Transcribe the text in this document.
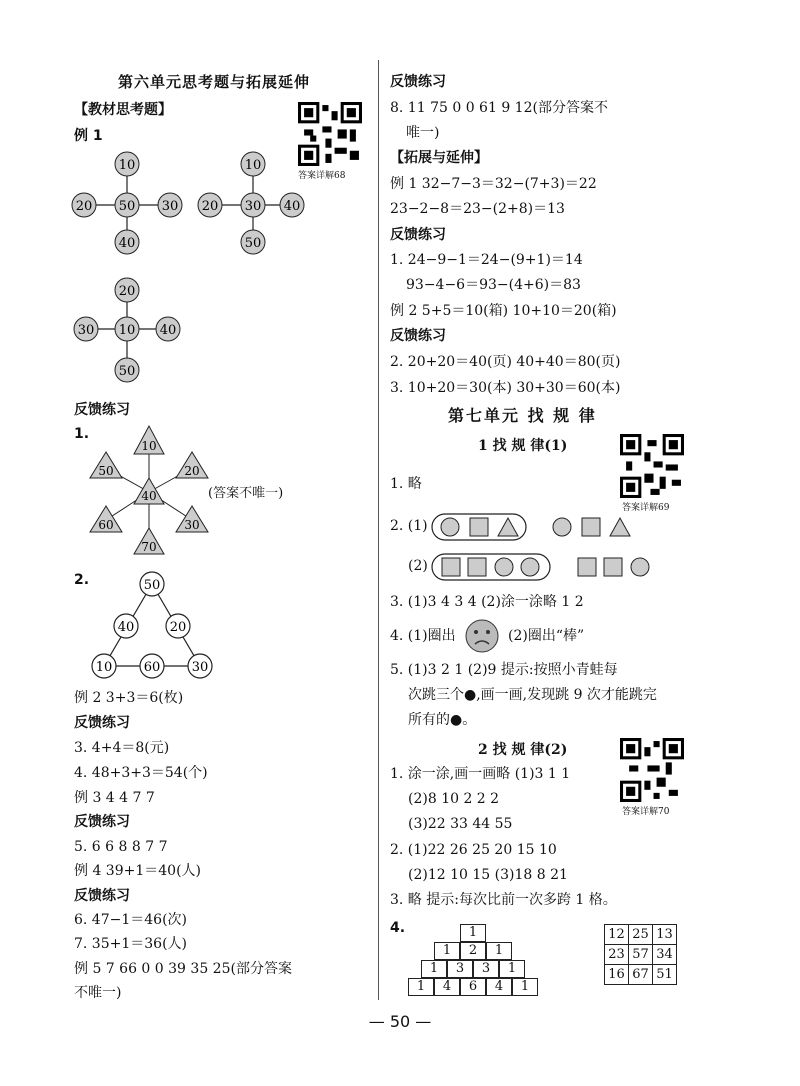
第六单元思考题与拓展延伸
【教材思考题】
例 1
答案详解68
10
20 50 30
40
10
20 30 40
50
20
30 10 40
50
反馈练习
1.
10
50	20
40
60	30
70
(答案不唯一)
2.	50
40	20
10 60 30
例 2 3+3＝6(枚)
反馈练习
3. 4+4＝8(元)
4. 48+3+3＝54(个)
例 3 4 4 7 7
反馈练习
5. 6 6 8 8 7 7
例 4 39+1＝40(人)
反馈练习
6. 47−1＝46(次)
7. 35+1＝36(人)
例 5 7 66 0 0 39 35 25(部分答案
不唯一)
反馈练习
8. 11 75 0 0 61 9 12(部分答案不
唯一)
【拓展与延伸】
例 1 32−7−3＝32−(7+3)＝22
23−2−8＝23−(2+8)＝13
反馈练习
1. 24−9−1＝24−(9+1)＝14
93−4−6＝93−(4+6)＝83
例 2 5+5＝10(箱) 10+10＝20(箱)
反馈练习
2. 20+20＝40(页) 40+40＝80(页)
3. 10+20＝30(本) 30+30＝60(本)
第七单元 找 规 律
1 找 规 律(1)
答案详解69
1. 略
2. (1)
(2)
3. (1)3 4 3 4 (2)涂一涂略 1 2
4. (1)圈出	(2)圈出“棒”
5. (1)3 2 1 (2)9 提示:按照小青蛙每
次跳三个●,画一画,发现跳 9 次才能跳完
所有的●。
2 找 规 律(2)
答案详解70
1. 涂一涂,画一画略 (1)3 1 1
(2)8 10 2 2 2
(3)22 33 44 55
2. (1)22 26 25 20 15 10
(2)12 10 15 (3)18 8 21
3. 略 提示:每次比前一次多跨 1 格。
4.	1
1	2	1
1	3	3	1
1	4	6	4	1
12	25	13
23	57	34
16	67	51
— 50 —
